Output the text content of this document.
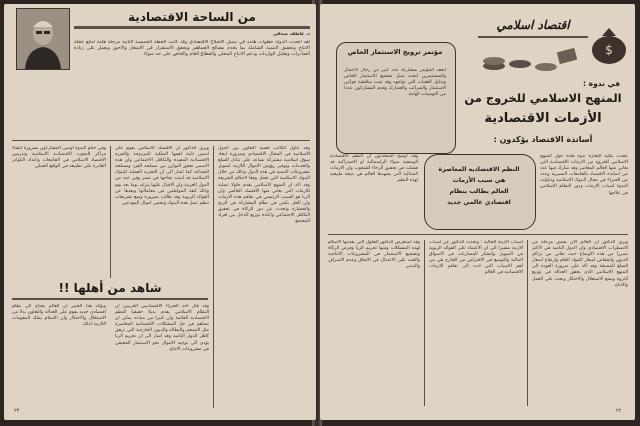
من الساحة الاقتصادية
د. عاطف صدقي
لقد اتخذت الدولة خطوات هامة في سبيل الاصلاح الاقتصادي وقد كانت الخطة الخمسية الثانية مرحلة هامة لدفع عجلة الانتاج وتحقيق التنمية الشاملة بما يخدم مصالح الجماهير ويحقق الاستقرار في الاسعار والاجور ويعمل على زيادة الصادرات وتقليل الواردات ودعم الانتاج المحلي والقطاع العام والخاص على حد سواء
وقد تناول الكاتب اهمية التعاون بين الدول الاسلامية في المجال الاقتصادي وضرورة ايجاد سوق اسلامية مشتركة تساعد على تبادل السلع والخدمات وتوفير رؤوس الاموال اللازمة لتمويل مشروعات التنمية في هذه الدول وذلك من خلال البنوك الاسلامية التي تعمل وفقا لاحكام الشريعة وقد اكد ان المنهج الاسلامي يقدم حلولا عملية للازمات التي يعاني منها الاقتصاد العالمي وان الربا هو السبب الرئيسي في تفاقم هذه الازمات وان الحل يكمن في نظام المشاركة في الربح والخسارة وتحدث عن دور الزكاة في تحقيق التكافل الاجتماعي واعادة توزيع الدخل بين افراد المجتمع
ويرى الدكتور ان الاقتصاد الاسلامي يقوم على اسس ثابتة اهمها الملكية المزدوجة والحرية الاقتصادية المقيدة والتكافل الاجتماعي وان هذه الاسس تحقق التوازن بين مصلحة الفرد ومصلحة الجماعة كما اشار الى ان التجربة العملية للبنوك الاسلامية قد اثبتت نجاحها في مصر وفي عدد من الدول العربية وان الاقبال عليها يتزايد يوما بعد يوم وذلك لثقة المواطنين في معاملاتها وبعدها عن الفوائد الربوية وقد طالب بضرورة وضع تشريعات تنظم عمل هذه البنوك وتحمي اموال المودعين
وفي ختام الندوة اوصى المشاركون بضرورة انشاء مراكز للبحوث الاقتصادية الاسلامية وتدريس الاقتصاد الاسلامي في الجامعات واعداد الكوادر القادرة على تطبيقه في الواقع العملي
شاهد من أهلها !!
وقد قال احد الخبراء الاقتصاديين الغربيين ان النظام الاسلامي يقدم بديلا حقيقيا للنظم الاقتصادية القائمة وان كثيرا من مبادئه يمكن ان تساهم في حل المشكلات الاقتصادية المعاصرة مثل التضخم والبطالة والديون الخارجية التي ترهق كاهل الدول النامية وقد اشار الى ان تحريم الربا يؤدي الى توجيه الاموال نحو الاستثمار الحقيقي في مشروعات الانتاج
ويؤكد هذا الخبير ان العالم يحتاج الى نظام اقتصادي جديد يقوم على العدالة والتعاون بدلا من الاستغلال والاحتكار وان الاسلام يملك المقومات اللازمة لذلك
٢٣
اقتصاد اسلامي
$
مؤتمر ترويج الاستثمار الخاص
انعقد المؤتمر بمشاركة عدد كبير من رجال الاعمال والمستثمرين لبحث سبل تشجيع الاستثمار الخاص وتذليل العقبات التي تواجهه وقد تمت مناقشة قوانين الاستثمار والضرائب والجمارك وقدم المشاركون عددا من التوصيات الهامة
في ندوة :
المنهج الاسلامي للخروج من
الأزمات الاقتصادية
أساتذة الاقتصاد يؤكدون :
النظم الاقتصادية المعاصرة
هي سبب الأزمات
العالم يطالب بنظام
اقتصادي عالمي جديد
عقدت بكلية التجارة ندوة هامة حول المنهج الاسلامي للخروج من الازمات الاقتصادية التي يعاني منها العالم المعاصر وقد شارك فيها عدد من اساتذة الاقتصاد بالجامعات المصرية وعدد من الخبراء في مجال البنوك الاسلامية وتناولت الندوة اسباب الازمات ودور النظام الاسلامي في علاجها
وقد اوضح المتحدثون ان النظم الاقتصادية الوضعية سواء الراسمالية او الاشتراكية قد فشلت في تحقيق الرخاء للشعوب وان الازمات المتتالية التي يشهدها العالم هي نتيجة طبيعية لهذه النظم
ويرى الدكتور ان العالم الان يعيش مرحلة من الاضطراب الاقتصادي وان الدول النامية هي الاكثر تضررا من هذه الاوضاع حيث تعاني من تراكم الديون وانخفاض اسعار المواد الخام وارتفاع اسعار السلع المصنعة وقد اكد على ضرورة العودة الى المنهج الاسلامي الذي يحقق العدالة في توزيع الثروة ويمنع الاستغلال والاحتكار ويحث على العمل والانتاج
اسباب الأزمة الحالية : وتحدث الدكتور عن اسباب الازمة مشيرا الى ان الاعتماد على الفوائد الربوية في التمويل وانتشار المضاربات في الاسواق المالية والتوسع في الاقتراض من الخارج هي من اهم الاسباب التي ادت الى تفاقم الازمات الاقتصادية في العالم
وقد استعرض الدكتور الحلول التي يقدمها الاسلام لهذه المشكلات ومنها تحريم الربا وفرض الزكاة وتشجيع الاستثمار في المشروعات الانتاجية والحث على الاعتدال في الانفاق وعدم الاسراف والتبذير
٢٢
